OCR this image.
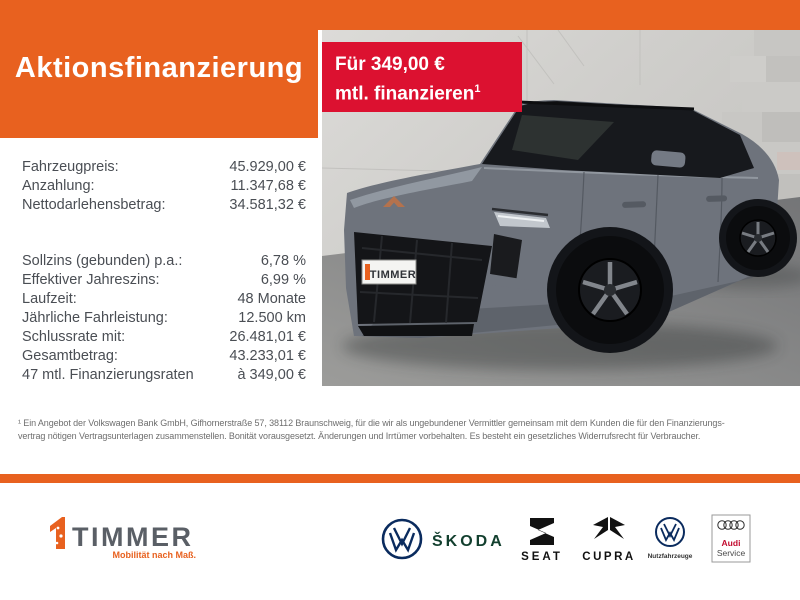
Aktionsfinanzierung
TIMMER
Für 349,00 €
mtl. finanzieren$^1$
Fahrzeugpreis:	45.929,00 €
Anzahlung:	11.347,68 €
Nettodarlehensbetrag:	34.581,32 €
Sollzins (gebunden) p.a.:	6,78 %
Effektiver Jahreszins:	6,99 %
Laufzeit:	48 Monate
Jährliche Fahrleistung:	12.500 km
Schlussrate mit:	26.481,01 €
Gesamtbetrag:	43.233,01 €
47 mtl. Finanzierungsraten	à 349,00 €
¹ Ein Angebot der Volkswagen Bank GmbH, Gifhornerstraße 57, 38112 Braunschweig, für die wir als ungebundener Vermittler gemeinsam mit dem Kunden die für den Finanzierungs-
vertrag nötigen Vertragsunterlagen zusammenstellen. Bonität vorausgesetzt. Änderungen und Irrtümer vorbehalten. Es besteht ein gesetzliches Widerrufsrecht für Verbraucher.
TIMMER
Mobilität nach Maß.
ŠKODA
SEAT CUPRA Nutzfahrzeuge
Audi
Service
